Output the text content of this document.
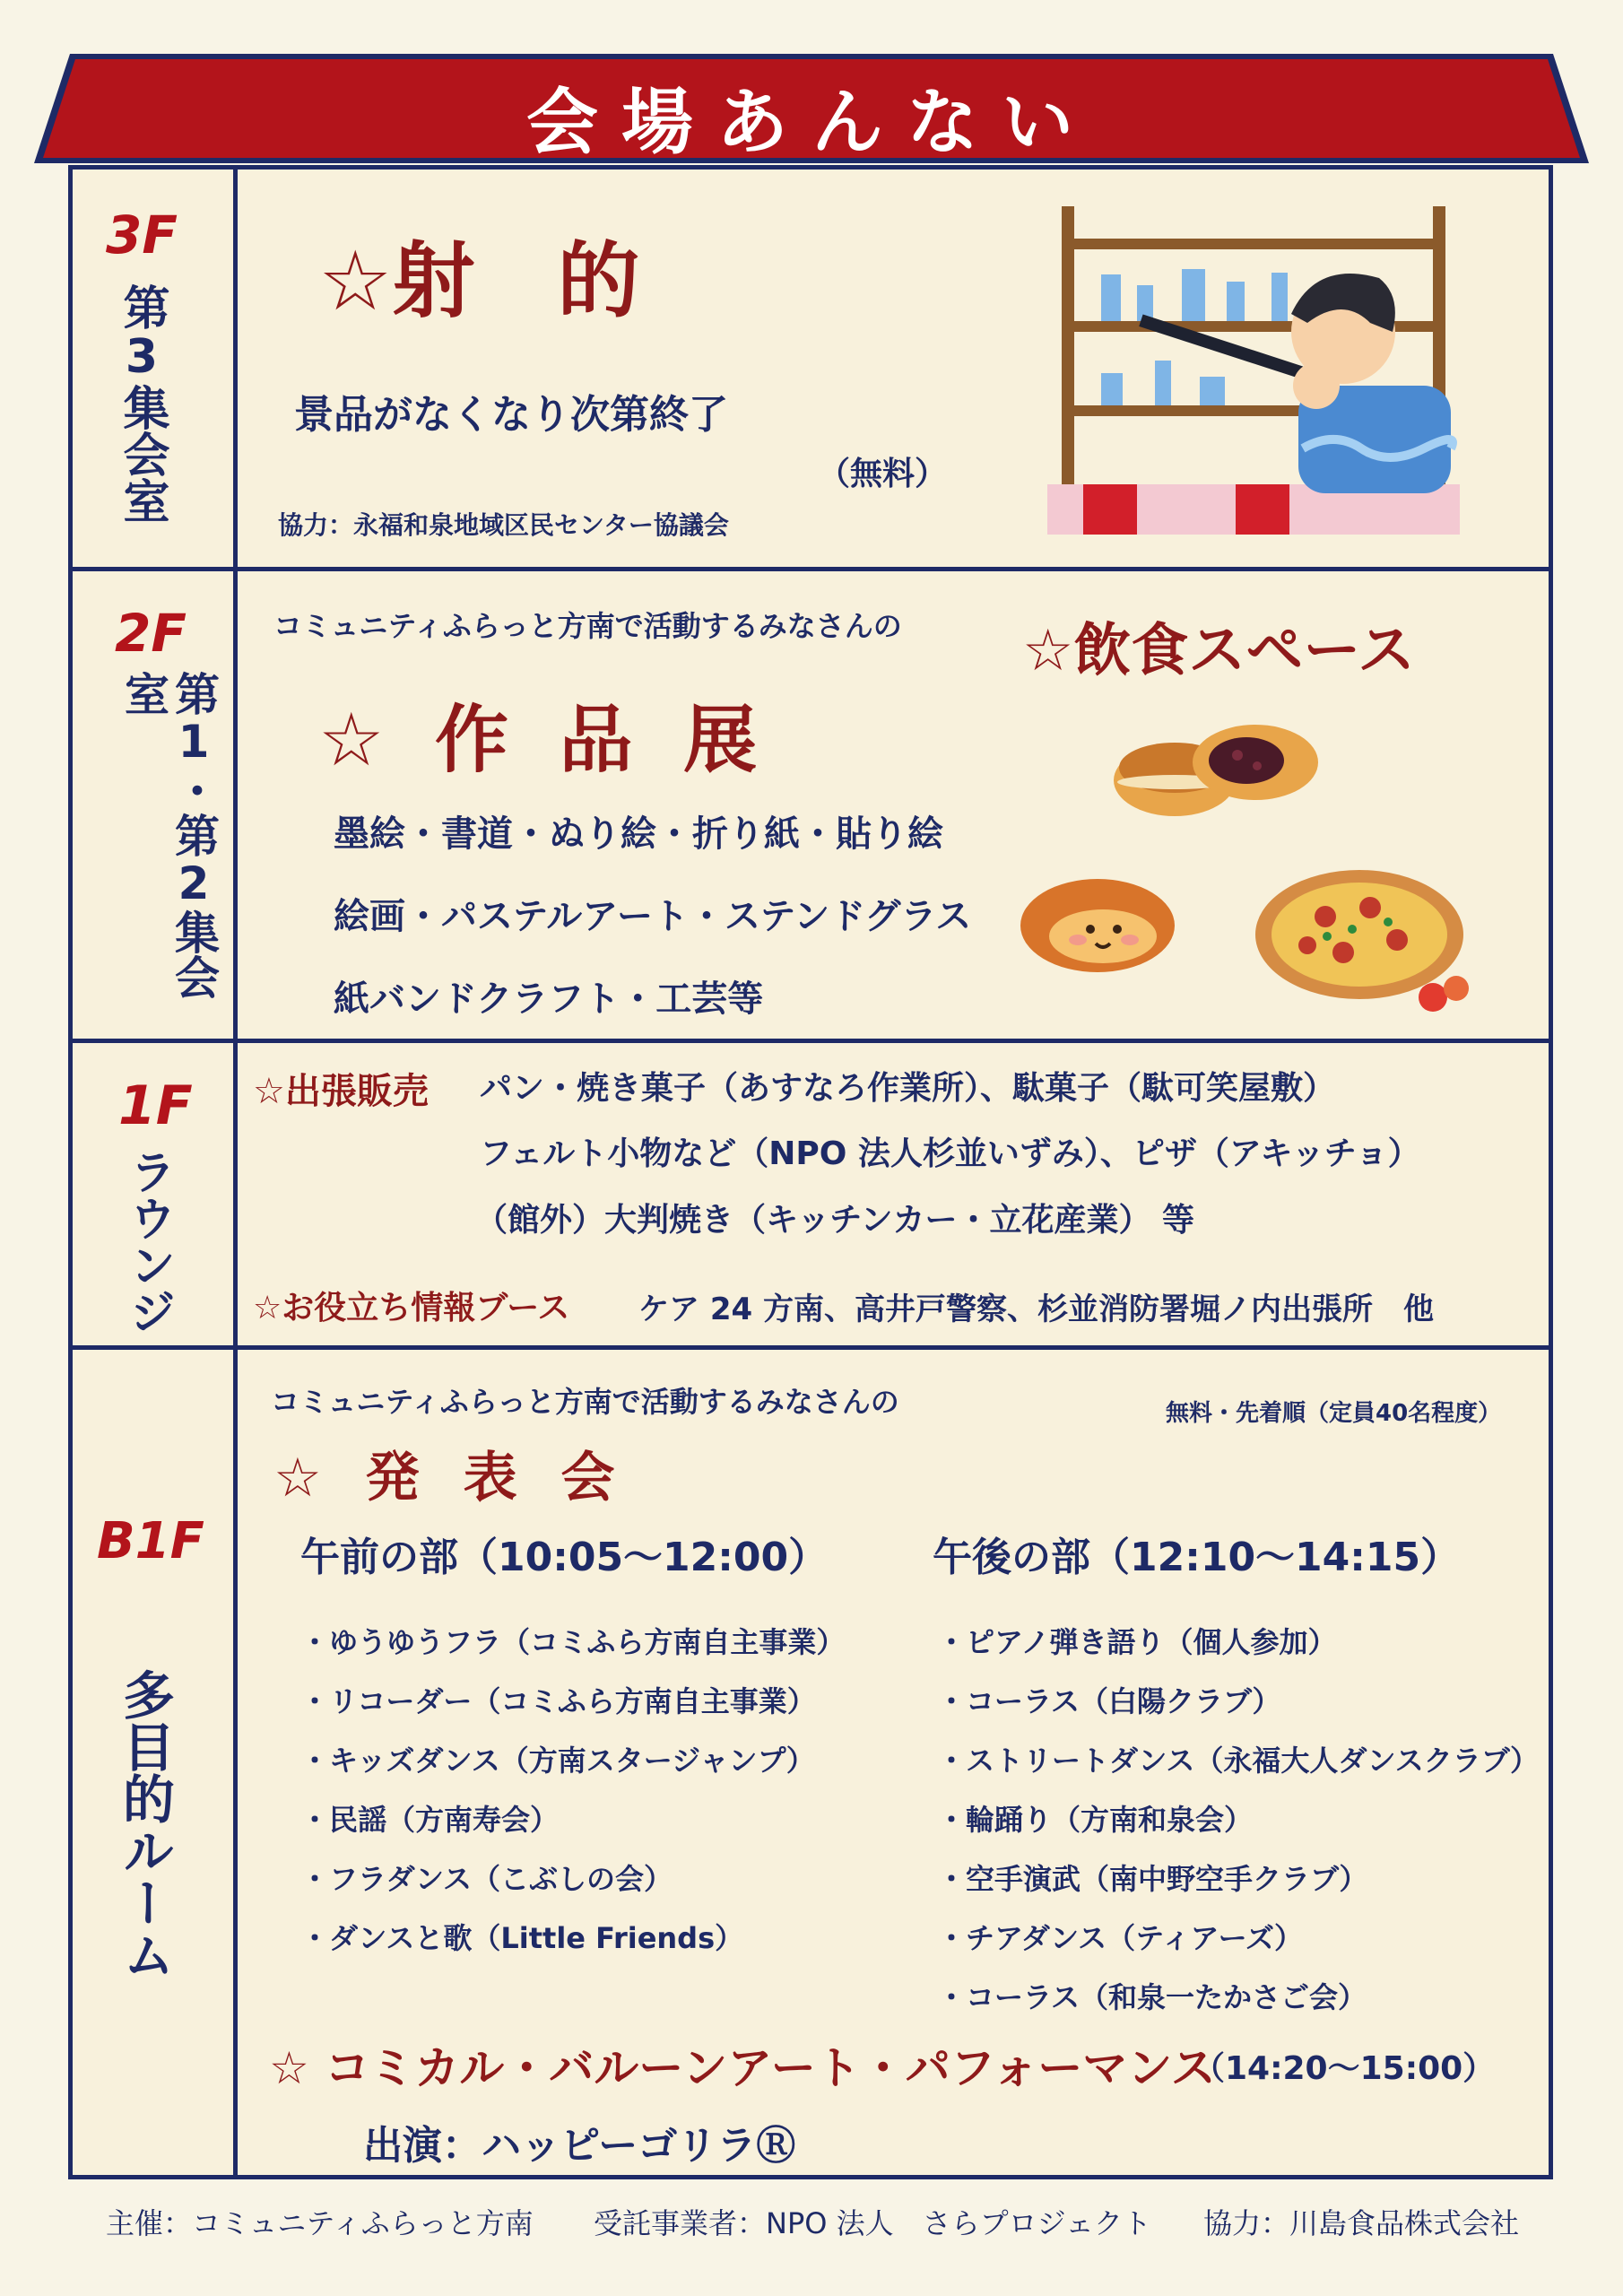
会場あんない
3F
第3集会室
☆射　的
景品がなくなり次第終了
（無料）
協力：永福和泉地域区民センター協議会
2F
第1・第2集会室
コミュニティふらっと方南で活動するみなさんの
☆ 作 品 展
墨絵・書道・ぬり絵・折り紙・貼り絵
絵画・パステルアート・ステンドグラス
紙バンドクラフト・工芸等
☆飲食スペース
1F
ラウンジ
☆出張販売 パン・焼き菓子（あすなろ作業所）、駄菓子（駄可笑屋敷）
フェルト小物など（NPO 法人杉並いずみ）、ピザ（アキッチョ）
（館外）大判焼き（キッチンカー・立花産業） 等
☆お役立ち情報ブース ケア 24 方南、高井戸警察、杉並消防署堀ノ内出張所　他
B1F
多目的ルーム
コミュニティふらっと方南で活動するみなさんの	無料・先着順（定員40名程度）
☆ 発 表 会
午前の部（10:05〜12:00）	午後の部（12:10〜14:15）
・ゆうゆうフラ（コミふら方南自主事業）
・リコーダー（コミふら方南自主事業）
・キッズダンス（方南スタージャンプ）
・民謡（方南寿会）
・フラダンス（こぶしの会）
・ダンスと歌（Little Friends）
・ピアノ弾き語り（個人参加）
・コーラス（白陽クラブ）
・ストリートダンス（永福大人ダンスクラブ）
・輪踊り（方南和泉会）
・空手演武（南中野空手クラブ）
・チアダンス（ティアーズ）
・コーラス（和泉一たかさご会）
☆ コミカル・バルーンアート・パフォーマンス
（14:20〜15:00）
出演：ハッピーゴリラⓇ
主催：コミュニティふらっと方南 受託事業者：NPO 法人　さらプロジェクト 協力：川島食品株式会社
